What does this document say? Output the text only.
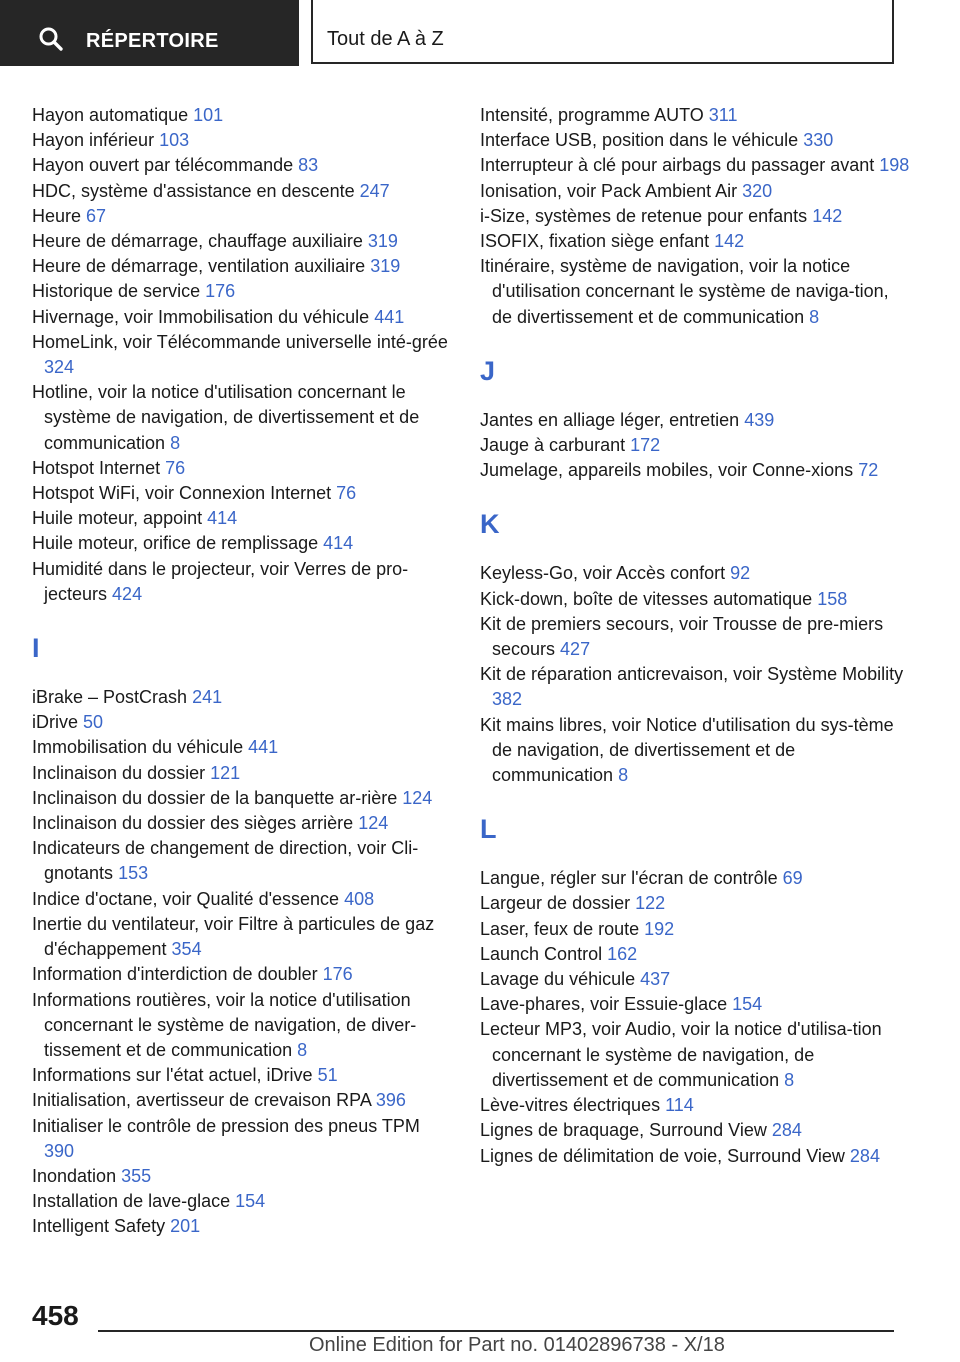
RÉPERTOIRE	Tout de A à Z
Hayon automatique 101
Hayon inférieur 103
Hayon ouvert par télécommande 83
HDC, système d'assistance en descente 247
Heure 67
Heure de démarrage, chauffage auxiliaire 319
Heure de démarrage, ventilation auxiliaire 319
Historique de service 176
Hivernage, voir Immobilisation du véhicule 441
HomeLink, voir Télécommande universelle inté-grée 324
Hotline, voir la notice d'utilisation concernant le système de navigation, de divertissement et de communication 8
Hotspot Internet 76
Hotspot WiFi, voir Connexion Internet 76
Huile moteur, appoint 414
Huile moteur, orifice de remplissage 414
Humidité dans le projecteur, voir Verres de pro-jecteurs 424
I
iBrake – PostCrash 241
iDrive 50
Immobilisation du véhicule 441
Inclinaison du dossier 121
Inclinaison du dossier de la banquette ar-rière 124
Inclinaison du dossier des sièges arrière 124
Indicateurs de changement de direction, voir Cli-gnotants 153
Indice d'octane, voir Qualité d'essence 408
Inertie du ventilateur, voir Filtre à particules de gaz d'échappement 354
Information d'interdiction de doubler 176
Informations routières, voir la notice d'utilisation concernant le système de navigation, de diver-tissement et de communication 8
Informations sur l'état actuel, iDrive 51
Initialisation, avertisseur de crevaison RPA 396
Initialiser le contrôle de pression des pneus TPM 390
Inondation 355
Installation de lave-glace 154
Intelligent Safety 201
Intensité, programme AUTO 311
Interface USB, position dans le véhicule 330
Interrupteur à clé pour airbags du passager avant 198
Ionisation, voir Pack Ambient Air 320
i-Size, systèmes de retenue pour enfants 142
ISOFIX, fixation siège enfant 142
Itinéraire, système de navigation, voir la notice d'utilisation concernant le système de naviga-tion, de divertissement et de communication 8
J
Jantes en alliage léger, entretien 439
Jauge à carburant 172
Jumelage, appareils mobiles, voir Conne-xions 72
K
Keyless-Go, voir Accès confort 92
Kick-down, boîte de vitesses automatique 158
Kit de premiers secours, voir Trousse de pre-miers secours 427
Kit de réparation anticrevaison, voir Système Mobility 382
Kit mains libres, voir Notice d'utilisation du sys-tème de navigation, de divertissement et de communication 8
L
Langue, régler sur l'écran de contrôle 69
Largeur de dossier 122
Laser, feux de route 192
Launch Control 162
Lavage du véhicule 437
Lave-phares, voir Essuie-glace 154
Lecteur MP3, voir Audio, voir la notice d'utilisa-tion concernant le système de navigation, de divertissement et de communication 8
Lève-vitres électriques 114
Lignes de braquage, Surround View 284
Lignes de délimitation de voie, Surround View 284
458
Online Edition for Part no. 01402896738 - X/18
